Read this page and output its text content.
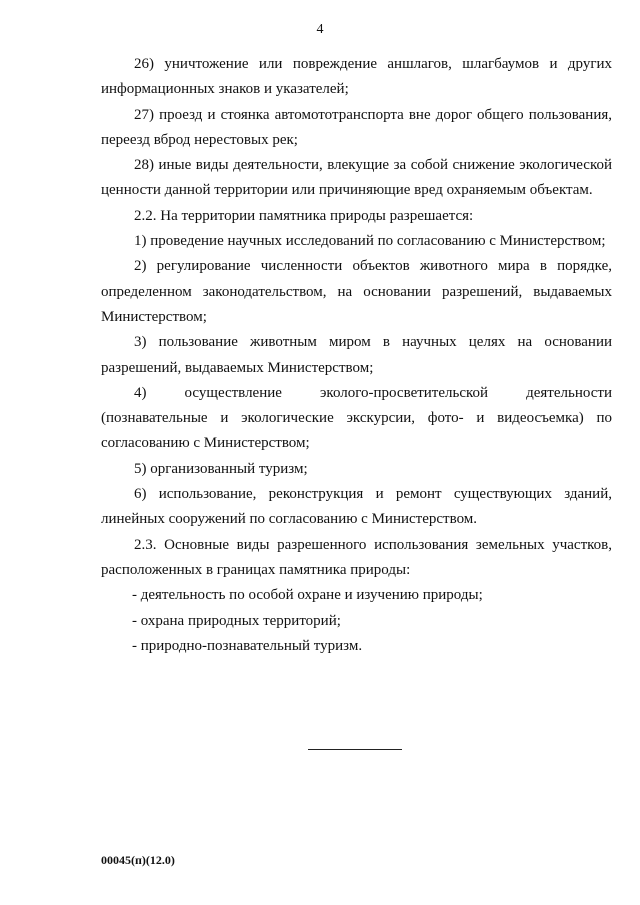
4

26) уничтожение или повреждение аншлагов, шлагбаумов и других информационных знаков и указателей;

27) проезд и стоянка автомототранспорта вне дорог общего пользования, переезд вброд нерестовых рек;

28) иные виды деятельности, влекущие за собой снижение экологической ценности данной территории или причиняющие вред охраняемым объектам.

2.2. На территории памятника природы разрешается:

1) проведение научных исследований по согласованию с Министерством;

2) регулирование численности объектов животного мира в порядке, определенном законодательством, на основании разрешений, выдаваемых Министерством;

3) пользование животным миром в научных целях на основании разрешений, выдаваемых Министерством;

4) осуществление эколого-просветительской деятельности (познавательные и экологические экскурсии, фото- и видеосъемка) по согласованию с Министерством;

5) организованный туризм;

6) использование, реконструкция и ремонт существующих зданий, линейных сооружений по согласованию с Министерством.

2.3. Основные виды разрешенного использования земельных участков, расположенных в границах памятника природы:

- деятельность по особой охране и изучению природы;

- охрана природных территорий;

- природно-познавательный туризм.

00045(п)(12.0)
